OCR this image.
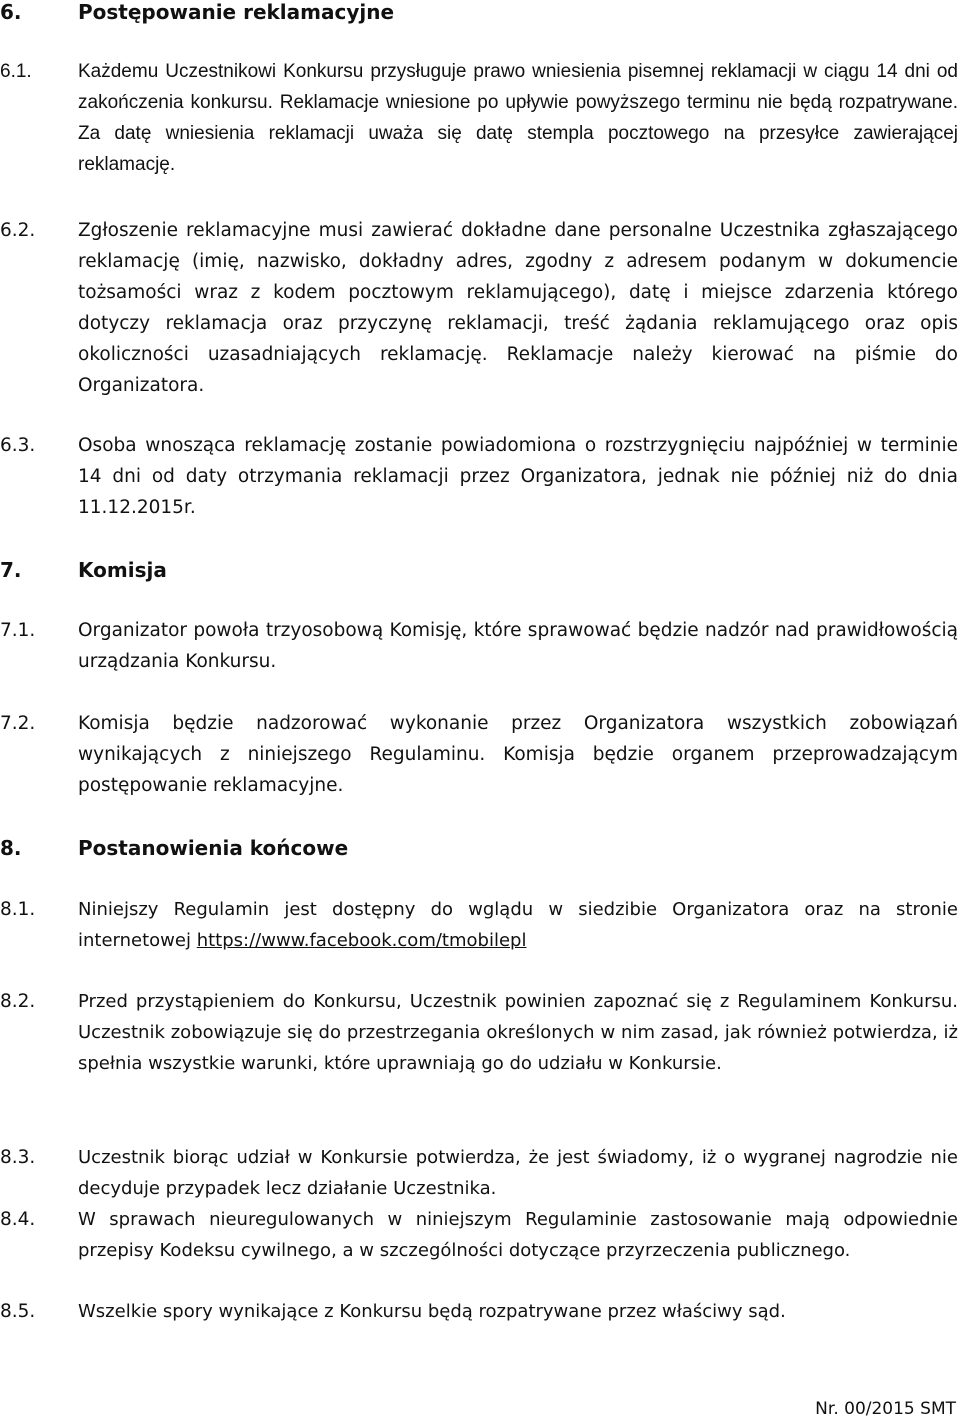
6.	Postępowanie reklamacyjne
6.1.	Każdemu Uczestnikowi Konkursu przysługuje prawo wniesienia pisemnej reklamacji w ciągu 14 dni od zakończenia konkursu. Reklamacje wniesione po upływie powyższego terminu nie będą rozpatrywane. Za datę wniesienia reklamacji uważa się datę stempla pocztowego na przesyłce zawierającej reklamację.
6.2.	Zgłoszenie reklamacyjne musi zawierać dokładne dane personalne Uczestnika zgłaszającego reklamację (imię, nazwisko, dokładny adres, zgodny z adresem podanym w dokumencie tożsamości wraz z kodem pocztowym reklamującego), datę i miejsce zdarzenia którego dotyczy reklamacja oraz przyczynę reklamacji, treść żądania reklamującego oraz opis okoliczności uzasadniających reklamację. Reklamacje należy kierować na piśmie do Organizatora.
6.3.	Osoba wnosząca reklamację zostanie powiadomiona o rozstrzygnięciu najpóźniej w terminie 14 dni od daty otrzymania reklamacji przez Organizatora, jednak nie później niż do dnia 11.12.2015r.
7.	Komisja
7.1.	Organizator powoła trzyosobową Komisję, które sprawować będzie nadzór nad prawidłowością urządzania Konkursu.
7.2.	Komisja będzie nadzorować wykonanie przez Organizatora wszystkich zobowiązań wynikających z niniejszego Regulaminu. Komisja będzie organem przeprowadzającym postępowanie reklamacyjne.
8.	Postanowienia końcowe
8.1.	Niniejszy Regulamin jest dostępny do wglądu w siedzibie Organizatora oraz na stronie internetowej https://www.facebook.com/tmobilepl
8.2.	Przed przystąpieniem do Konkursu, Uczestnik powinien zapoznać się z Regulaminem Konkursu. Uczestnik zobowiązuje się do przestrzegania określonych w nim zasad, jak również potwierdza, iż spełnia wszystkie warunki, które uprawniają go do udziału w Konkursie.
8.3.	Uczestnik biorąc udział w Konkursie potwierdza, że jest świadomy, iż o wygranej nagrodzie nie decyduje przypadek lecz działanie Uczestnika.
8.4.	W sprawach nieuregulowanych w niniejszym Regulaminie zastosowanie mają odpowiednie przepisy Kodeksu cywilnego, a w szczególności dotyczące przyrzeczenia publicznego.
8.5.	Wszelkie spory wynikające z Konkursu będą rozpatrywane przez właściwy sąd.
Nr. 00/2015 SMT
